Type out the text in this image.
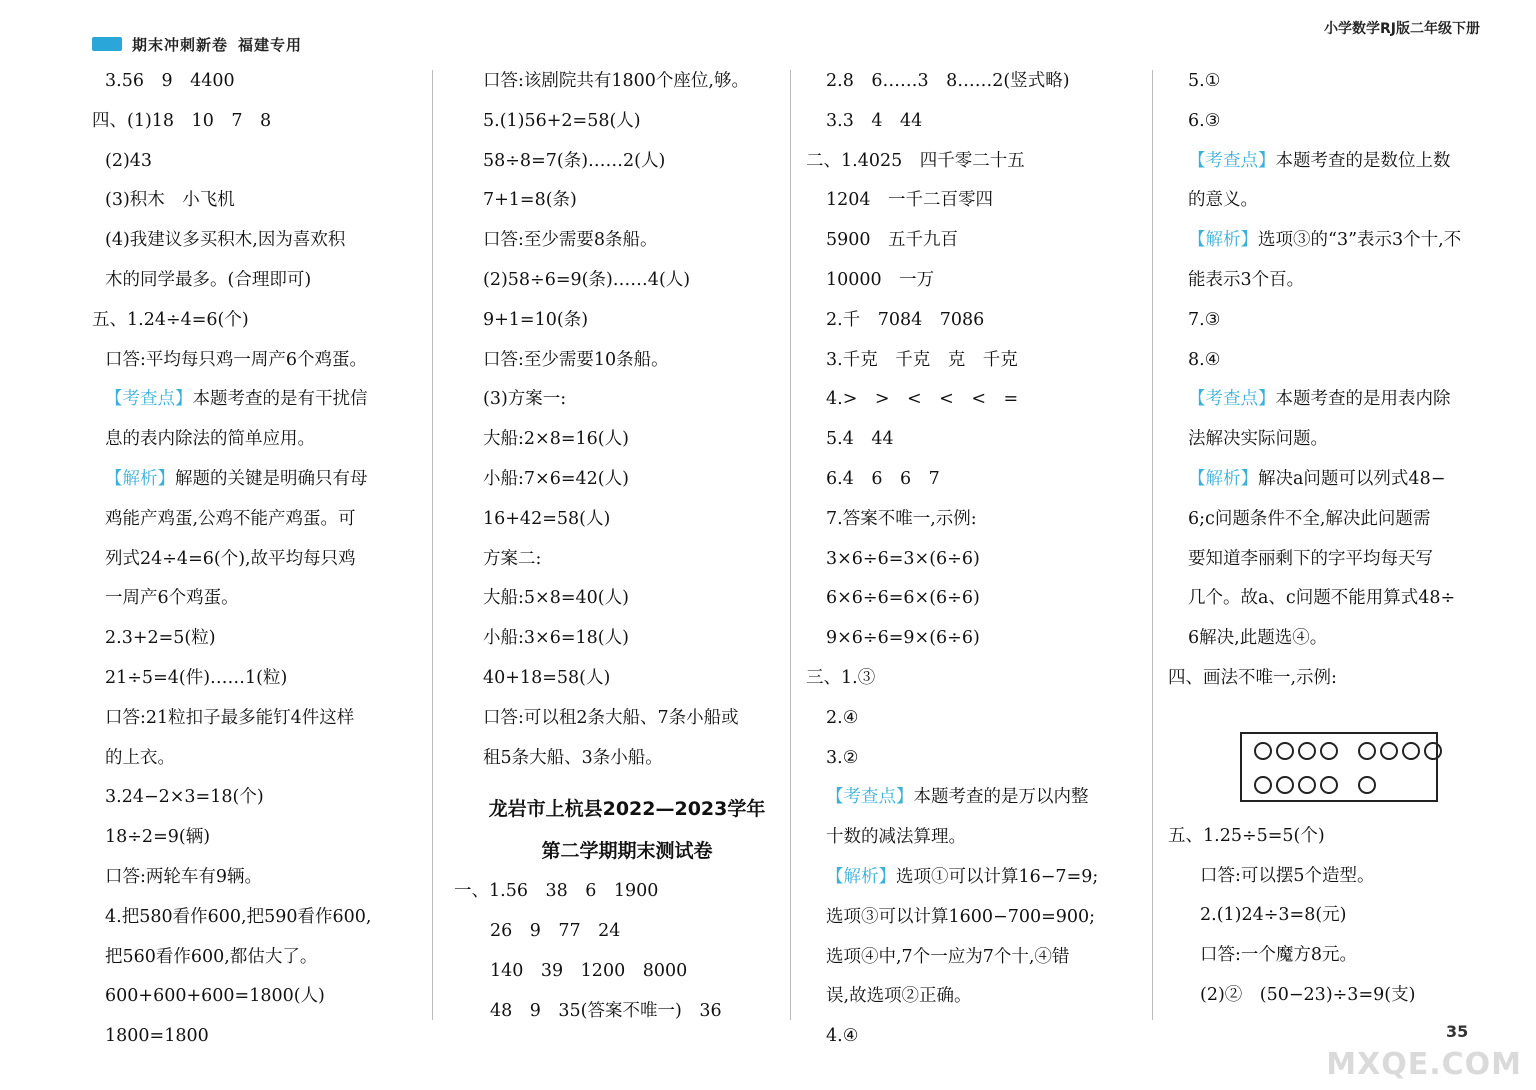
期末冲刺新卷 福建专用
小学数学RJ版二年级下册
3.56　9　4400
四、(1)18　10　7　8
(2)43
(3)积木　小飞机
(4)我建议多买积木,因为喜欢积
木的同学最多。(合理即可)
五、1.24÷4=6(个)
口答:平均每只鸡一周产6个鸡蛋。
【考查点】本题考查的是有干扰信
息的表内除法的简单应用。
【解析】解题的关键是明确只有母
鸡能产鸡蛋,公鸡不能产鸡蛋。可
列式24÷4=6(个),故平均每只鸡
一周产6个鸡蛋。
2.3+2=5(粒)
21÷5=4(件)……1(粒)
口答:21粒扣子最多能钉4件这样
的上衣。
3.24−2×3=18(个)
18÷2=9(辆)
口答:两轮车有9辆。
4.把580看作600,把590看作600,
把560看作600,都估大了。
600+600+600=1800(人)
1800=1800
口答:该剧院共有1800个座位,够。
5.(1)56+2=58(人)
58÷8=7(条)……2(人)
7+1=8(条)
口答:至少需要8条船。
(2)58÷6=9(条)……4(人)
9+1=10(条)
口答:至少需要10条船。
(3)方案一:
大船:2×8=16(人)
小船:7×6=42(人)
16+42=58(人)
方案二:
大船:5×8=40(人)
小船:3×6=18(人)
40+18=58(人)
口答:可以租2条大船、7条小船或
租5条大船、3条小船。
龙岩市上杭县2022—2023学年
第二学期期末测试卷
一、1.56　38　6　1900
26　9　77　24
140　39　1200　8000
48　9　35(答案不唯一)　36
2.8　6……3　8……2(竖式略)
3.3　4　44
二、1.4025　四千零二十五
1204　一千二百零四
5900　五千九百
10000　一万
2.千　7084　7086
3.千克　千克　克　千克
4.>　>　<　<　<　=
5.4　44
6.4　6　6　7
7.答案不唯一,示例:
3×6÷6=3×(6÷6)
6×6÷6=6×(6÷6)
9×6÷6=9×(6÷6)
三、1.③
2.④
3.②
【考查点】本题考查的是万以内整
十数的减法算理。
【解析】选项①可以计算16−7=9;
选项③可以计算1600−700=900;
选项④中,7个一应为7个十,④错
误,故选项②正确。
4.④
5.①
6.③
【考查点】本题考查的是数位上数
的意义。
【解析】选项③的“3”表示3个十,不
能表示3个百。
7.③
8.④
【考查点】本题考查的是用表内除
法解决实际问题。
【解析】解决a问题可以列式48−
6;c问题条件不全,解决此问题需
要知道李丽剩下的字平均每天写
几个。故a、c问题不能用算式48÷
6解决,此题选④。
四、画法不唯一,示例:
五、1.25÷5=5(个)
口答:可以摆5个造型。
2.(1)24÷3=8(元)
口答:一个魔方8元。
(2)②　(50−23)÷3=9(支)
35
MXQE.COM
